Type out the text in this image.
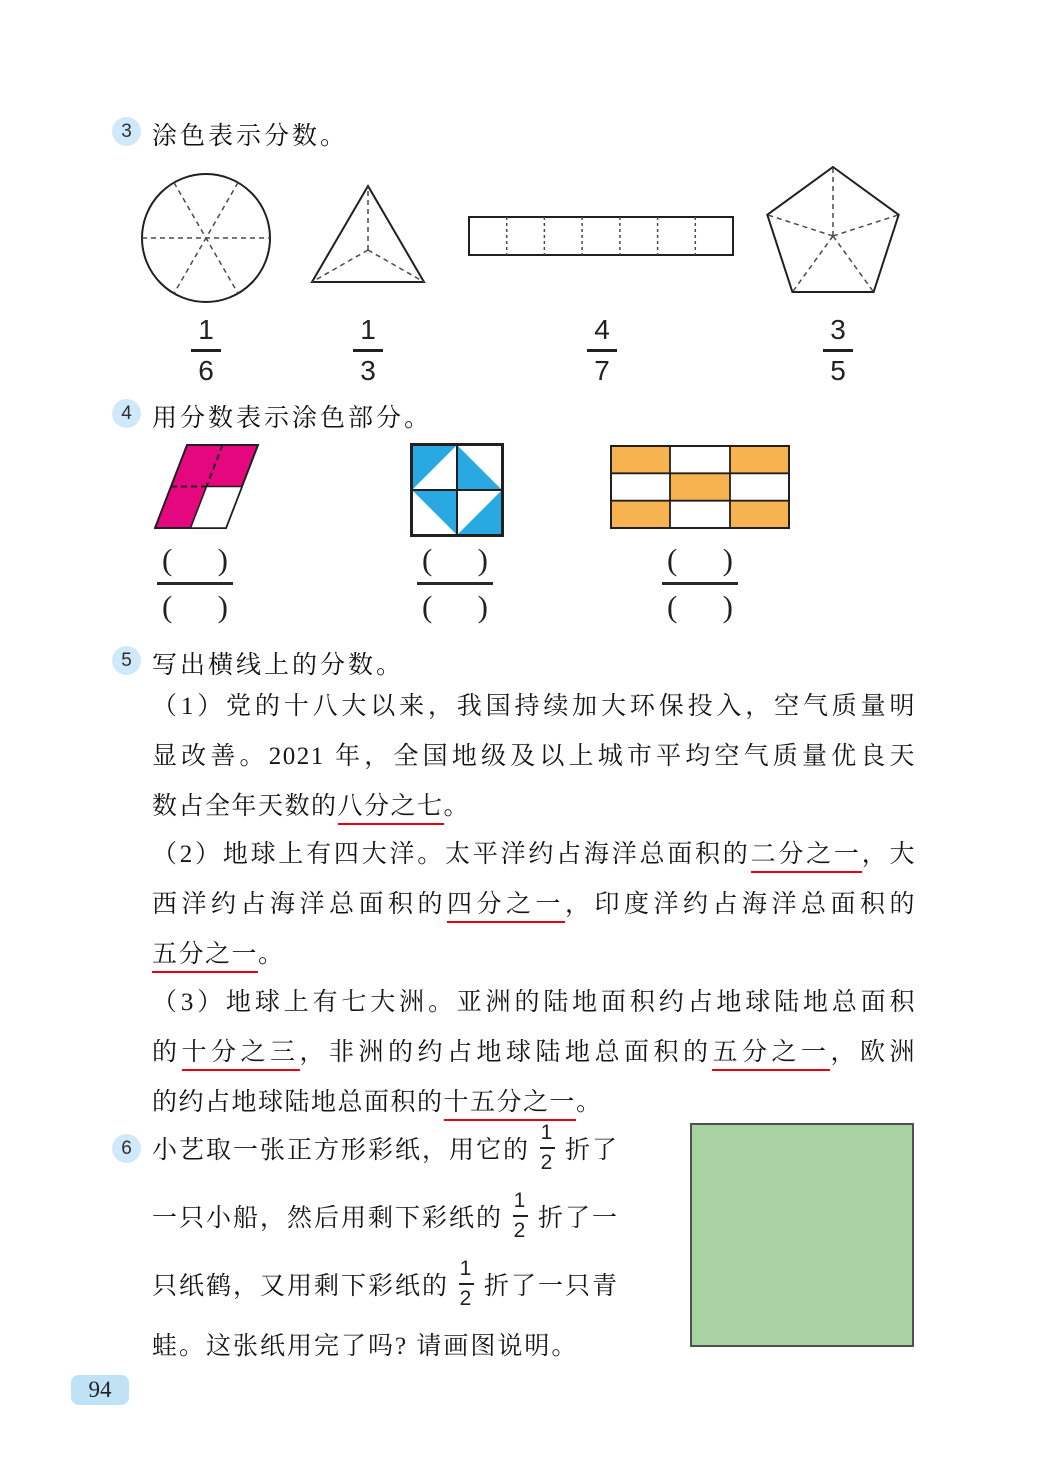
3 涂色表示分数。
1
6
1
3
4
7
3
5
4 用分数表示涂色部分。
( )
( )
( )
( )
( )
( )
5 写出横线上的分数。
（1）党的十八大以来，我国持续加大环保投入，空气质量明
显改善。2021 年，全国地级及以上城市平均空气质量优良天
数占全年天数的八分之七。
（2）地球上有四大洋。太平洋约占海洋总面积的二分之一，大
西洋约占海洋总面积的四分之一，印度洋约占海洋总面积的
五分之一。
（3）地球上有七大洲。亚洲的陆地面积约占地球陆地总面积
的十分之三，非洲的约占地球陆地总面积的五分之一，欧洲
的约占地球陆地总面积的十五分之一。
6 小艺取一张正方形彩纸，用它的
1
2 折了
一只小船，然后用剩下彩纸的
1
2 折了一
只纸鹤，又用剩下彩纸的
1
2 折了一只青
蛙。这张纸用完了吗? 请画图说明。
94
